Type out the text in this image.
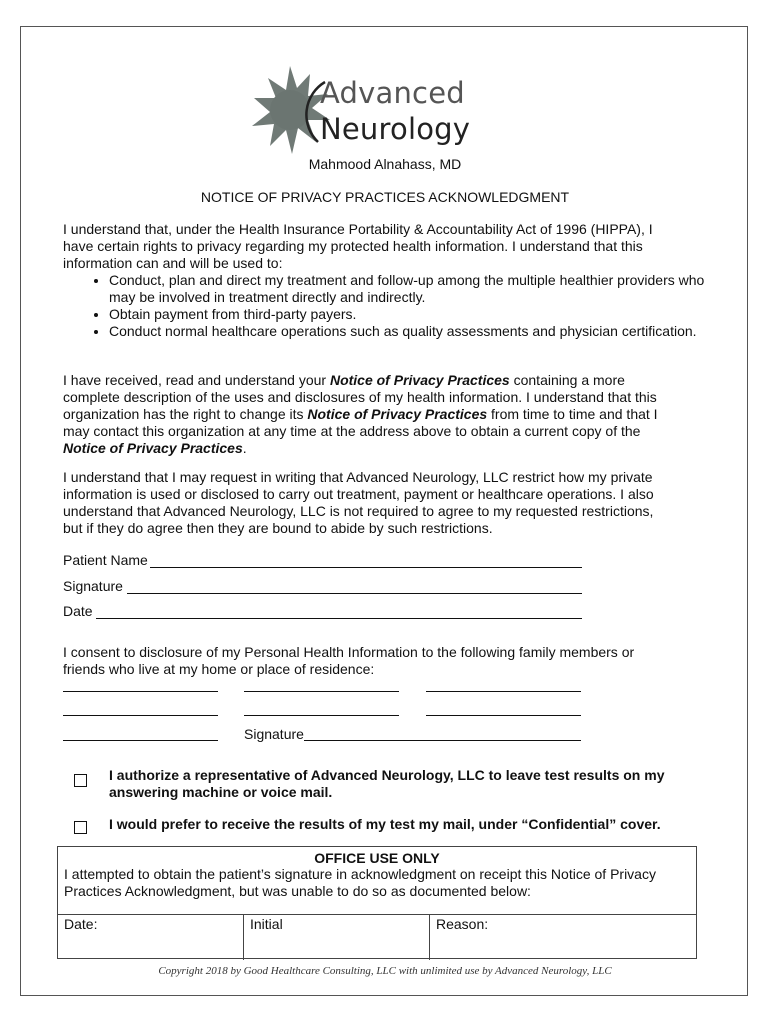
Advanced
Neurology
Mahmood Alnahass, MD
NOTICE OF PRIVACY PRACTICES ACKNOWLEDGMENT
I understand that, under the Health Insurance Portability & Accountability Act of 1996 (HIPPA), I have certain rights to privacy regarding my protected health information. I understand that this information can and will be used to:
• Conduct, plan and direct my treatment and follow-up among the multiple healthier providers who may be involved in treatment directly and indirectly.
• Obtain payment from third-party payers.
• Conduct normal healthcare operations such as quality assessments and physician certification.
I have received, read and understand your Notice of Privacy Practices containing a more complete description of the uses and disclosures of my health information. I understand that this organization has the right to change its Notice of Privacy Practices from time to time and that I may contact this organization at any time at the address above to obtain a current copy of the Notice of Privacy Practices.
I understand that I may request in writing that Advanced Neurology, LLC restrict how my private information is used or disclosed to carry out treatment, payment or healthcare operations. I also understand that Advanced Neurology, LLC is not required to agree to my requested restrictions, but if they do agree then they are bound to abide by such restrictions.
Patient Name
Signature
Date
I consent to disclosure of my Personal Health Information to the following family members or friends who live at my home or place of residence:
Signature
I authorize a representative of Advanced Neurology, LLC to leave test results on my answering machine or voice mail.
I would prefer to receive the results of my test my mail, under “Confidential” cover.
OFFICE USE ONLY
I attempted to obtain the patient’s signature in acknowledgment on receipt this Notice of Privacy Practices Acknowledgment, but was unable to do so as documented below:
Date:	Initial	Reason:
Copyright 2018 by Good Healthcare Consulting, LLC with unlimited use by Advanced Neurology, LLC
